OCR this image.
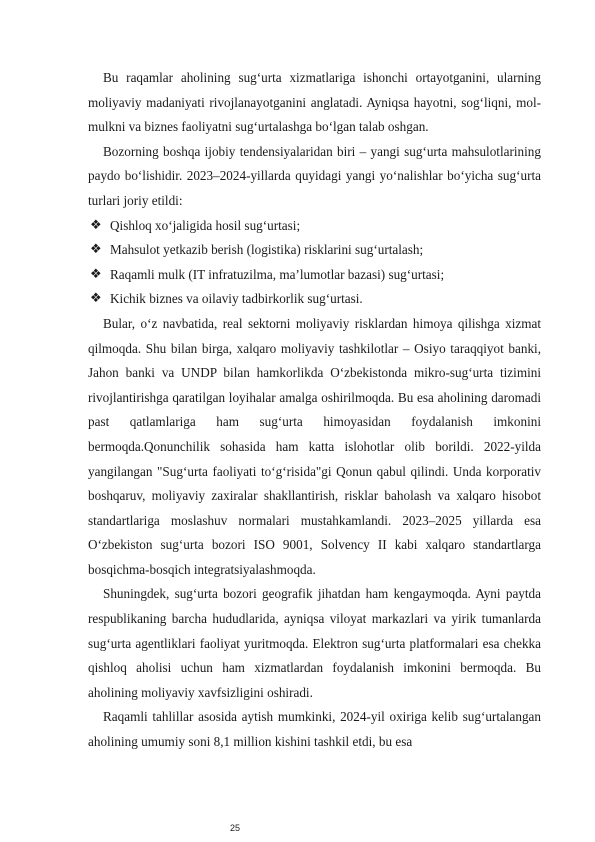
Bu raqamlar aholining sug‘urta xizmatlariga ishonchi ortayotganini, ularning moliyaviy madaniyati rivojlanayotganini anglatadi. Ayniqsa hayotni, sog‘liqni, mol-mulkni va biznes faoliyatni sug‘urtalashga bo‘lgan talab oshgan.

Bozorning boshqa ijobiy tendensiyalaridan biri – yangi sug‘urta mahsulotlarining paydo bo‘lishidir. 2023–2024-yillarda quyidagi yangi yo‘nalishlar bo‘yicha sug‘urta turlari joriy etildi:

❖ Qishloq xo‘jaligida hosil sug‘urtasi;
❖ Mahsulot yetkazib berish (logistika) risklarini sug‘urtalash;
❖ Raqamli mulk (IT infratuzilma, ma’lumotlar bazasi) sug‘urtasi;
❖ Kichik biznes va oilaviy tadbirkorlik sug‘urtasi.

Bular, o‘z navbatida, real sektorni moliyaviy risklardan himoya qilishga xizmat qilmoqda. Shu bilan birga, xalqaro moliyaviy tashkilotlar – Osiyo taraqqiyot banki, Jahon banki va UNDP bilan hamkorlikda O‘zbekistonda mikro-sug‘urta tizimini rivojlantirishga qaratilgan loyihalar amalga oshirilmoqda. Bu esa aholining daromadi past qatlamlariga ham sug‘urta himoyasidan foydalanish imkonini bermoqda.Qonunchilik sohasida ham katta islohotlar olib borildi. 2022-yilda yangilangan "Sug‘urta faoliyati to‘g‘risida"gi Qonun qabul qilindi. Unda korporativ boshqaruv, moliyaviy zaxiralar shakllantirish, risklar baholash va xalqaro hisobot standartlariga moslashuv normalari mustahkamlandi. 2023–2025 yillarda esa O‘zbekiston sug‘urta bozori ISO 9001, Solvency II kabi xalqaro standartlarga bosqichma-bosqich integratsiyalashmoqda.

Shuningdek, sug‘urta bozori geografik jihatdan ham kengaymoqda. Ayni paytda respublikaning barcha hududlarida, ayniqsa viloyat markazlari va yirik tumanlarda sug‘urta agentliklari faoliyat yuritmoqda. Elektron sug‘urta platformalari esa chekka qishloq aholisi uchun ham xizmatlardan foydalanish imkonini bermoqda. Bu aholining moliyaviy xavfsizligini oshiradi.

Raqamli tahlillar asosida aytish mumkinki, 2024-yil oxiriga kelib sug‘urtalangan aholining umumiy soni 8,1 million kishini tashkil etdi, bu esa

25
